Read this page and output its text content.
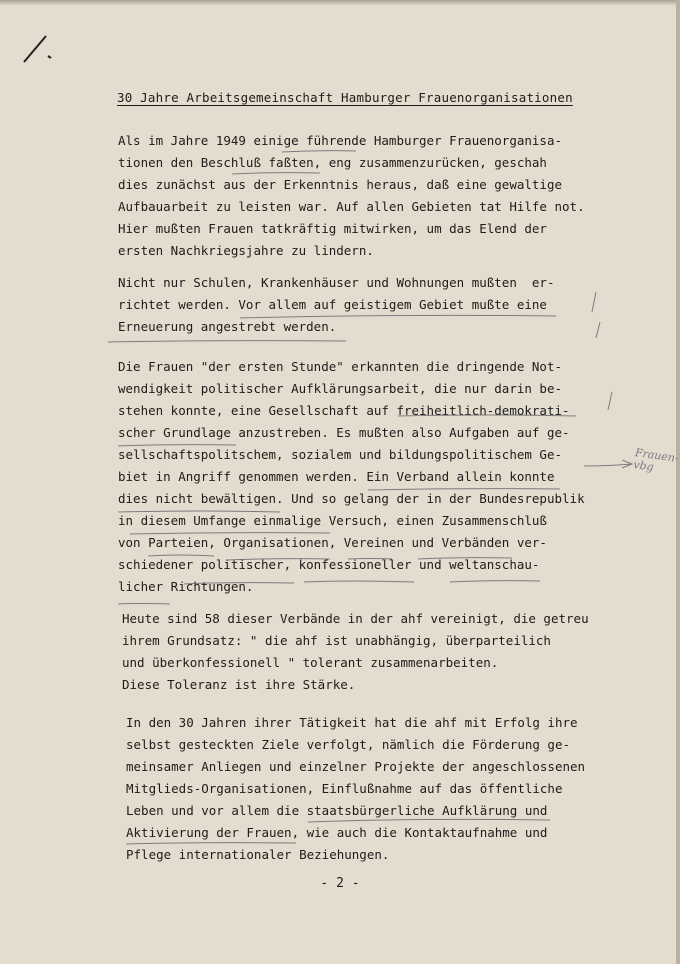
30 Jahre Arbeitsgemeinschaft Hamburger Frauenorganisationen
Als im Jahre 1949 einige führende Hamburger Frauenorganisa-
tionen den Beschluß faßten, eng zusammenzurücken, geschah
dies zunächst aus der Erkenntnis heraus, daß eine gewaltige
Aufbauarbeit zu leisten war. Auf allen Gebieten tat Hilfe not.
Hier mußten Frauen tatkräftig mitwirken, um das Elend der
ersten Nachkriegsjahre zu lindern.
Nicht nur Schulen, Krankenhäuser und Wohnungen mußten  er-
richtet werden. Vor allem auf geistigem Gebiet mußte eine
Erneuerung angestrebt werden.
Die Frauen "der ersten Stunde" erkannten die dringende Not-
wendigkeit politischer Aufklärungsarbeit, die nur darin be-
stehen konnte, eine Gesellschaft auf freiheitlich-demokrati-
scher Grundlage anzustreben. Es mußten also Aufgaben auf ge-
sellschaftspolitschem, sozialem und bildungspolitischem Ge-
biet in Angriff genommen werden. Ein Verband allein konnte
dies nicht bewältigen. Und so gelang der in der Bundesrepublik
in diesem Umfange einmalige Versuch, einen Zusammenschluß
von Parteien, Organisationen, Vereinen und Verbänden ver-
schiedener politischer, konfessioneller und weltanschau-
licher Richtungen.
Heute sind 58 dieser Verbände in der ahf vereinigt, die getreu
ihrem Grundsatz: " die ahf ist unabhängig, überparteilich
und überkonfessionell " tolerant zusammenarbeiten.
Diese Toleranz ist ihre Stärke.
In den 30 Jahren ihrer Tätigkeit hat die ahf mit Erfolg ihre
selbst gesteckten Ziele verfolgt, nämlich die Förderung ge-
meinsamer Anliegen und einzelner Projekte der angeschlossenen
Mitglieds-Organisationen, Einflußnahme auf das öffentliche
Leben und vor allem die staatsbürgerliche Aufklärung und
Aktivierung der Frauen, wie auch die Kontaktaufnahme und
Pflege internationaler Beziehungen.
- 2 -
Frauen-
vbg
